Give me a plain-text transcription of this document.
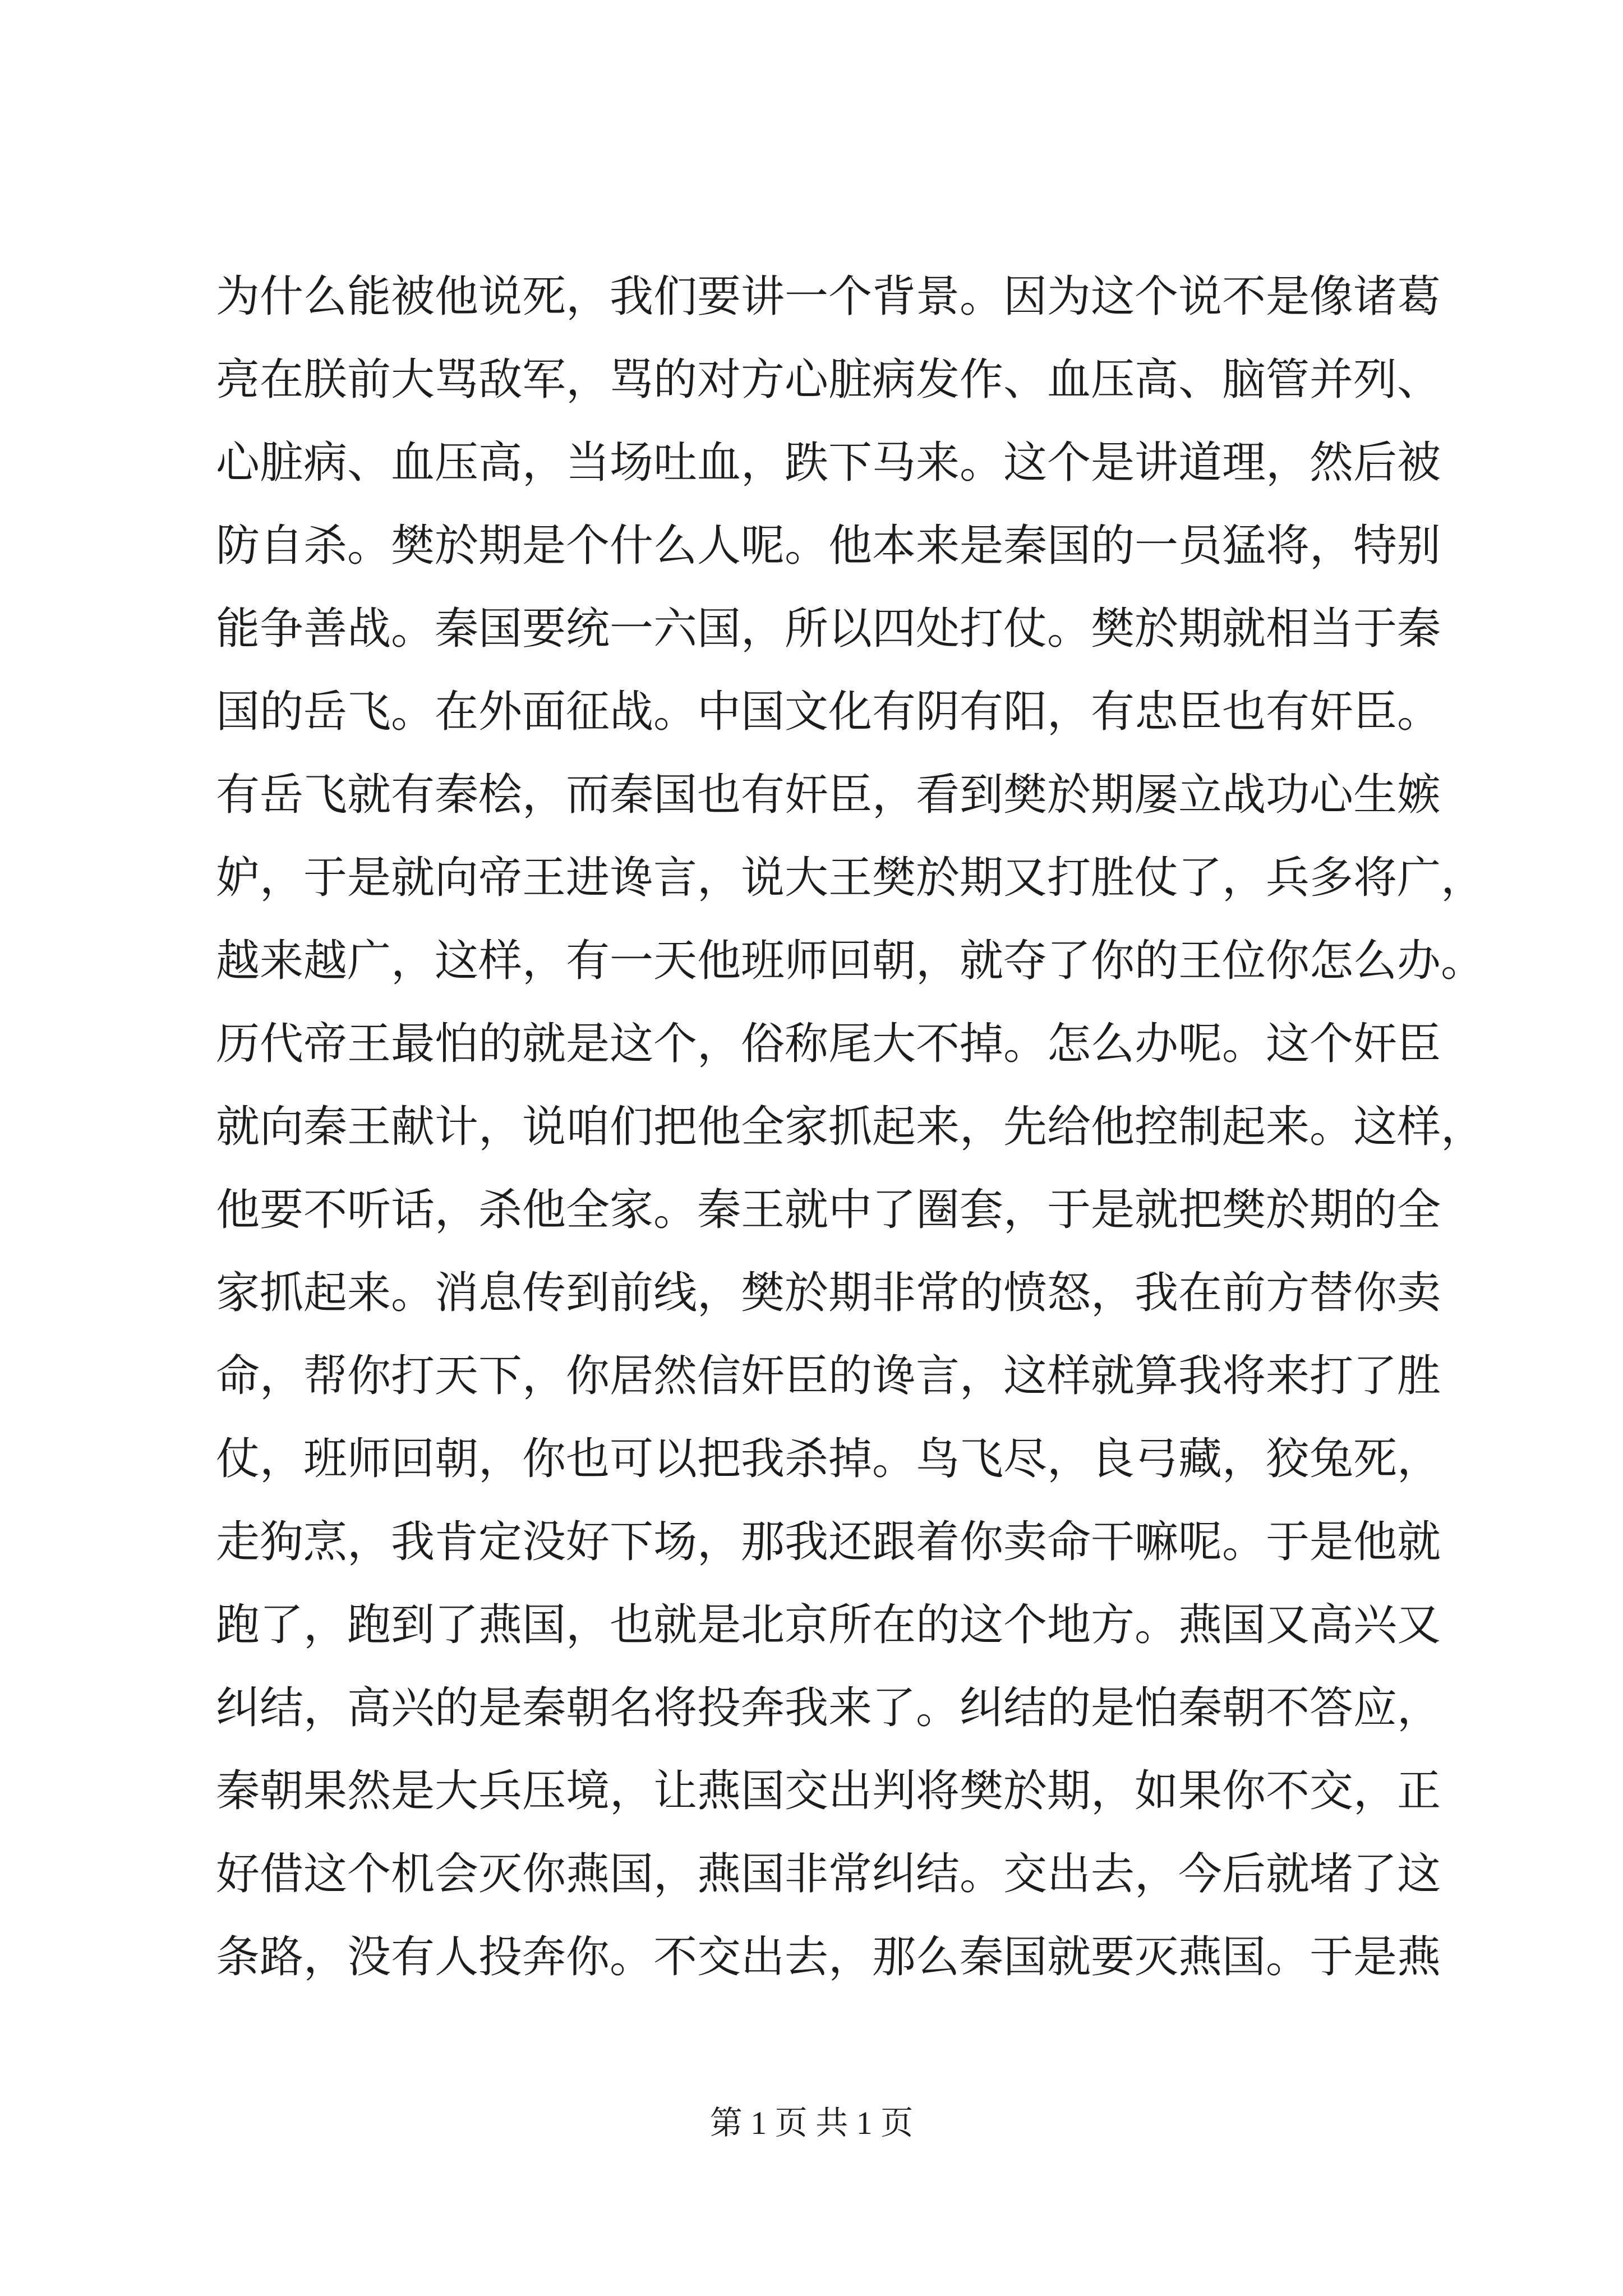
为什么能被他说死，我们要讲一个背景。因为这个说不是像诸葛
亮在朕前大骂敌军，骂的对方心脏病发作、血压高、脑管并列、
心脏病、血压高，当场吐血，跌下马来。这个是讲道理，然后被
防自杀。樊於期是个什么人呢。他本来是秦国的一员猛将，特别
能争善战。秦国要统一六国，所以四处打仗。樊於期就相当于秦
国的岳飞。在外面征战。中国文化有阴有阳，有忠臣也有奸臣。
有岳飞就有秦桧，而秦国也有奸臣，看到樊於期屡立战功心生嫉
妒，于是就向帝王进谗言，说大王樊於期又打胜仗了，兵多将广，
越来越广，这样，有一天他班师回朝，就夺了你的王位你怎么办。
历代帝王最怕的就是这个，俗称尾大不掉。怎么办呢。这个奸臣
就向秦王献计，说咱们把他全家抓起来，先给他控制起来。这样，
他要不听话，杀他全家。秦王就中了圈套，于是就把樊於期的全
家抓起来。消息传到前线，樊於期非常的愤怒，我在前方替你卖
命，帮你打天下，你居然信奸臣的谗言，这样就算我将来打了胜
仗，班师回朝，你也可以把我杀掉。鸟飞尽，良弓藏，狡兔死，
走狗烹，我肯定没好下场，那我还跟着你卖命干嘛呢。于是他就
跑了，跑到了燕国，也就是北京所在的这个地方。燕国又高兴又
纠结，高兴的是秦朝名将投奔我来了。纠结的是怕秦朝不答应，
秦朝果然是大兵压境，让燕国交出判将樊於期，如果你不交，正
好借这个机会灭你燕国，燕国非常纠结。交出去，今后就堵了这
条路，没有人投奔你。不交出去，那么秦国就要灭燕国。于是燕
第 1 页 共 1 页
